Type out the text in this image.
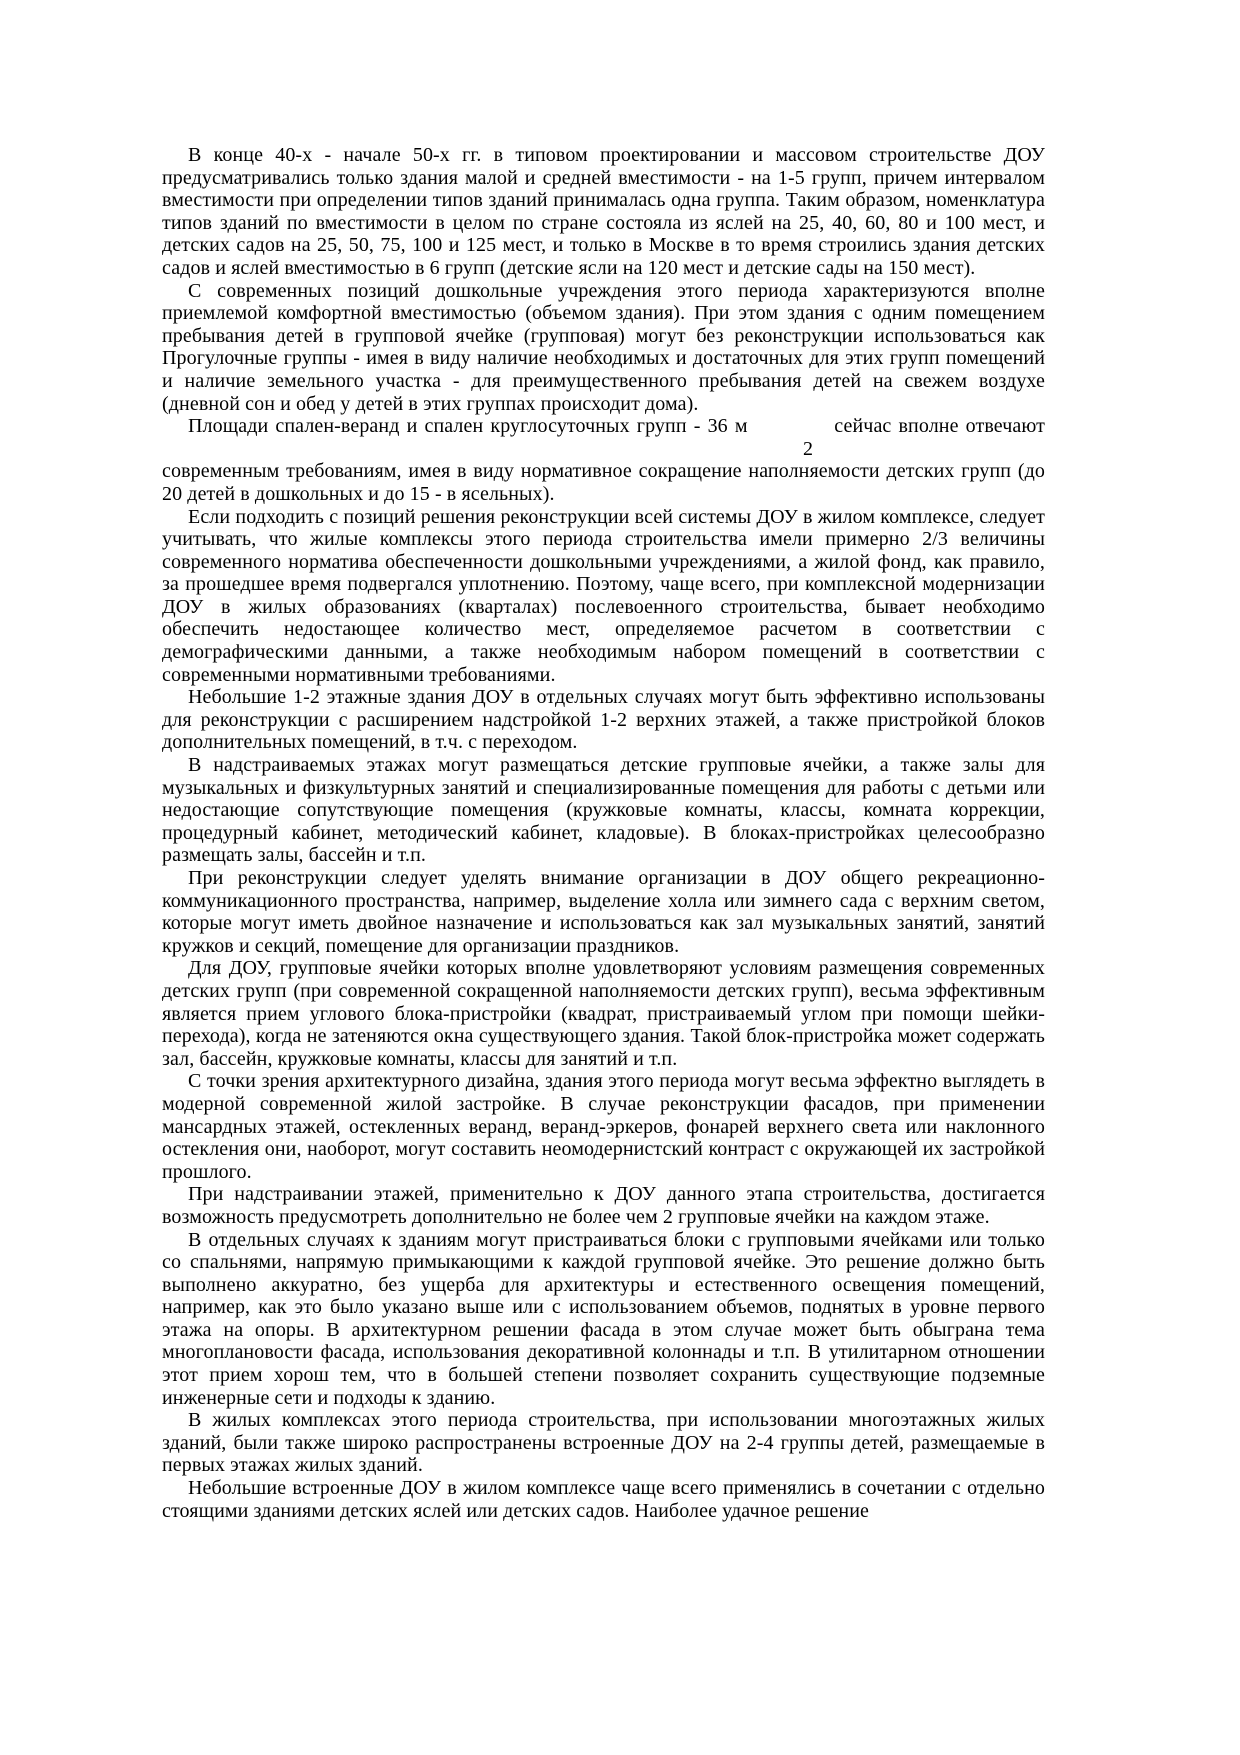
В конце 40-х - начале 50-х гг. в типовом проектировании и массовом строительстве ДОУ предусматривались только здания малой и средней вместимости - на 1-5 групп, причем интервалом вместимости при определении типов зданий принималась одна группа. Таким образом, номенклатура типов зданий по вместимости в целом по стране состояла из яслей на 25, 40, 60, 80 и 100 мест, и детских садов на 25, 50, 75, 100 и 125 мест, и только в Москве в то время строились здания детских садов и яслей вместимостью в 6 групп (детские ясли на 120 мест и детские сады на 150 мест).

С современных позиций дошкольные учреждения этого периода характеризуются вполне приемлемой комфортной вместимостью (объемом здания). При этом здания с одним помещением пребывания детей в групповой ячейке (групповая) могут без реконструкции использоваться как Прогулочные группы - имея в виду наличие необходимых и достаточных для этих групп помещений и наличие земельного участка - для преимущественного пребывания детей на свежем воздухе (дневной сон и обед у детей в этих группах происходит дома).

Площади спален-веранд и спален круглосуточных групп - 36 м	сейчас вполне отвечают
2

современным требованиям, имея в виду нормативное сокращение наполняемости детских групп (до 20 детей в дошкольных и до 15 - в ясельных).

Если подходить с позиций решения реконструкции всей системы ДОУ в жилом комплексе, следует учитывать, что жилые комплексы этого периода строительства имели примерно 2/3 величины современного норматива обеспеченности дошкольными учреждениями, а жилой фонд, как правило, за прошедшее время подвергался уплотнению. Поэтому, чаще всего, при комплексной модернизации ДОУ в жилых образованиях (кварталах) послевоенного строительства, бывает необходимо обеспечить недостающее количество мест, определяемое расчетом в соответствии с демографическими данными, а также необходимым набором помещений в соответствии с современными нормативными требованиями.

Небольшие 1-2 этажные здания ДОУ в отдельных случаях могут быть эффективно использованы для реконструкции с расширением надстройкой 1-2 верхних этажей, а также пристройкой блоков дополнительных помещений, в т.ч. с переходом.

В надстраиваемых этажах могут размещаться детские групповые ячейки, а также залы для музыкальных и физкультурных занятий и специализированные помещения для работы с детьми или недостающие сопутствующие помещения (кружковые комнаты, классы, комната коррекции, процедурный кабинет, методический кабинет, кладовые). В блоках-пристройках целесообразно размещать залы, бассейн и т.п.

При реконструкции следует уделять внимание организации в ДОУ общего рекреационно-коммуникационного пространства, например, выделение холла или зимнего сада с верхним светом, которые могут иметь двойное назначение и использоваться как зал музыкальных занятий, занятий кружков и секций, помещение для организации праздников.

Для ДОУ, групповые ячейки которых вполне удовлетворяют условиям размещения современных детских групп (при современной сокращенной наполняемости детских групп), весьма эффективным является прием углового блока-пристройки (квадрат, пристраиваемый углом при помощи шейки-перехода), когда не затеняются окна существующего здания. Такой блок-пристройка может содержать зал, бассейн, кружковые комнаты, классы для занятий и т.п.

С точки зрения архитектурного дизайна, здания этого периода могут весьма эффектно выглядеть в модерной современной жилой застройке. В случае реконструкции фасадов, при применении мансардных этажей, остекленных веранд, веранд-эркеров, фонарей верхнего света или наклонного остекления они, наоборот, могут составить неомодернистский контраст с окружающей их застройкой прошлого.

При надстраивании этажей, применительно к ДОУ данного этапа строительства, достигается возможность предусмотреть дополнительно не более чем 2 групповые ячейки на каждом этаже.

В отдельных случаях к зданиям могут пристраиваться блоки с групповыми ячейками или только со спальнями, напрямую примыкающими к каждой групповой ячейке. Это решение должно быть выполнено аккуратно, без ущерба для архитектуры и естественного освещения помещений, например, как это было указано выше или с использованием объемов, поднятых в уровне первого этажа на опоры. В архитектурном решении фасада в этом случае может быть обыграна тема многоплановости фасада, использования декоративной колоннады и т.п. В утилитарном отношении этот прием хорош тем, что в большей степени позволяет сохранить существующие подземные инженерные сети и подходы к зданию.

В жилых комплексах этого периода строительства, при использовании многоэтажных жилых зданий, были также широко распространены встроенные ДОУ на 2-4 группы детей, размещаемые в первых этажах жилых зданий.

Небольшие встроенные ДОУ в жилом комплексе чаще всего применялись в сочетании с отдельно стоящими зданиями детских яслей или детских садов. Наиболее удачное решение
